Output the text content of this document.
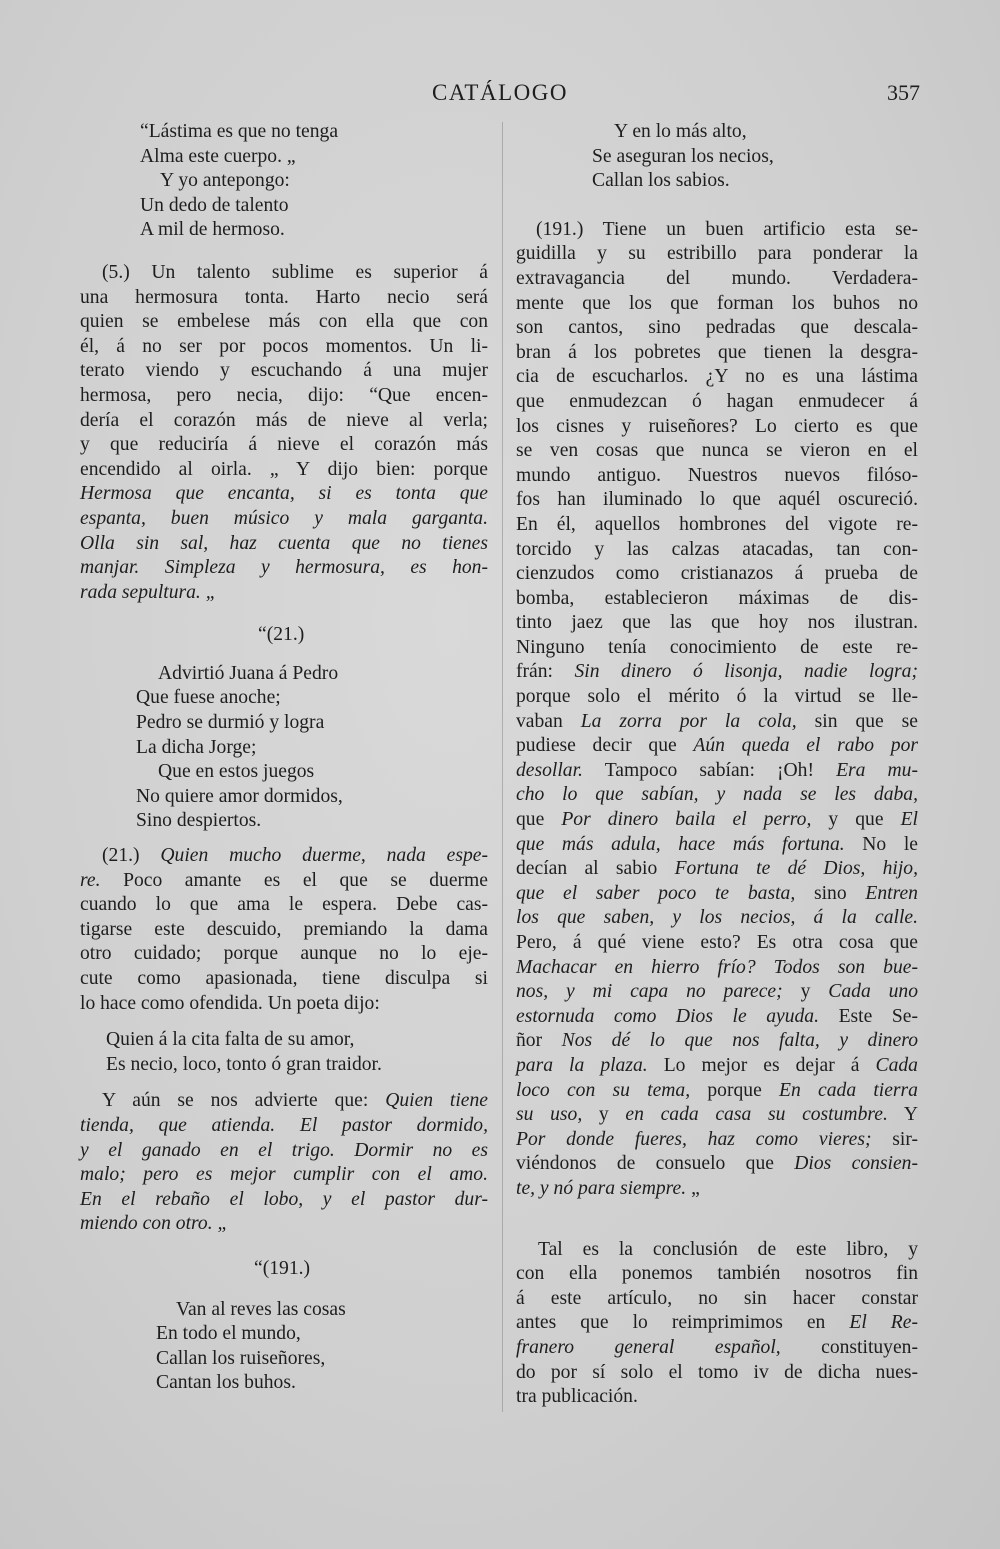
CATÁLOGO	357
“Lástima es que no tenga
Alma este cuerpo. „
Y yo antepongo:
Un dedo de talento
A mil de hermoso.
(5.) Un talento sublime es superior á
una hermosura tonta. Harto necio será
quien se embelese más con ella que con
él, á no ser por pocos momentos. Un li-
terato viendo y escuchando á una mujer
hermosa, pero necia, dijo: “Que encen-
dería el corazón más de nieve al verla;
y que reduciría á nieve el corazón más
encendido al oirla. „ Y dijo bien: porque
Hermosa que encanta, si es tonta que
espanta, buen músico y mala garganta.
Olla sin sal, haz cuenta que no tienes
manjar. Simpleza y hermosura, es hon-
rada sepultura. „
“(21.)
Advirtió Juana á Pedro
Que fuese anoche;
Pedro se durmió y logra
La dicha Jorge;
Que en estos juegos
No quiere amor dormidos,
Sino despiertos.
(21.) Quien mucho duerme, nada espe-
re. Poco amante es el que se duerme
cuando lo que ama le espera. Debe cas-
tigarse este descuido, premiando la dama
otro cuidado; porque aunque no lo eje-
cute como apasionada, tiene disculpa si
lo hace como ofendida. Un poeta dijo:
Quien á la cita falta de su amor,
Es necio, loco, tonto ó gran traidor.
Y aún se nos advierte que: Quien tiene
tienda, que atienda. El pastor dormido,
y el ganado en el trigo. Dormir no es
malo; pero es mejor cumplir con el amo.
En el rebaño el lobo, y el pastor dur-
miendo con otro. „
“(191.)
Van al reves las cosas
En todo el mundo,
Callan los ruiseñores,
Cantan los buhos.
Y en lo más alto,
Se aseguran los necios,
Callan los sabios.
(191.) Tiene un buen artificio esta se-
guidilla y su estribillo para ponderar la
extravagancia del mundo. Verdadera-
mente que los que forman los buhos no
son cantos, sino pedradas que descala-
bran á los pobretes que tienen la desgra-
cia de escucharlos. ¿Y no es una lástima
que enmudezcan ó hagan enmudecer á
los cisnes y ruiseñores? Lo cierto es que
se ven cosas que nunca se vieron en el
mundo antiguo. Nuestros nuevos filóso-
fos han iluminado lo que aquél oscureció.
En él, aquellos hombrones del vigote re-
torcido y las calzas atacadas, tan con-
cienzudos como cristianazos á prueba de
bomba, establecieron máximas de dis-
tinto jaez que las que hoy nos ilustran.
Ninguno tenía conocimiento de este re-
frán: Sin dinero ó lisonja, nadie logra;
porque solo el mérito ó la virtud se lle-
vaban La zorra por la cola, sin que se
pudiese decir que Aún queda el rabo por
desollar. Tampoco sabían: ¡Oh! Era mu-
cho lo que sabían, y nada se les daba,
que Por dinero baila el perro, y que El
que más adula, hace más fortuna. No le
decían al sabio Fortuna te dé Dios, hijo,
que el saber poco te basta, sino Entren
los que saben, y los necios, á la calle.
Pero, á qué viene esto? Es otra cosa que
Machacar en hierro frío? Todos son bue-
nos, y mi capa no parece; y Cada uno
estornuda como Dios le ayuda. Este Se-
ñor Nos dé lo que nos falta, y dinero
para la plaza. Lo mejor es dejar á Cada
loco con su tema, porque En cada tierra
su uso, y en cada casa su costumbre. Y
Por donde fueres, haz como vieres; sir-
viéndonos de consuelo que Dios consien-
te, y nó para siempre. „
Tal es la conclusión de este libro, y
con ella ponemos también nosotros fin
á este artículo, no sin hacer constar
antes que lo reimprimimos en El Re-
franero general español, constituyen-
do por sí solo el tomo iv de dicha nues-
tra publicación.
